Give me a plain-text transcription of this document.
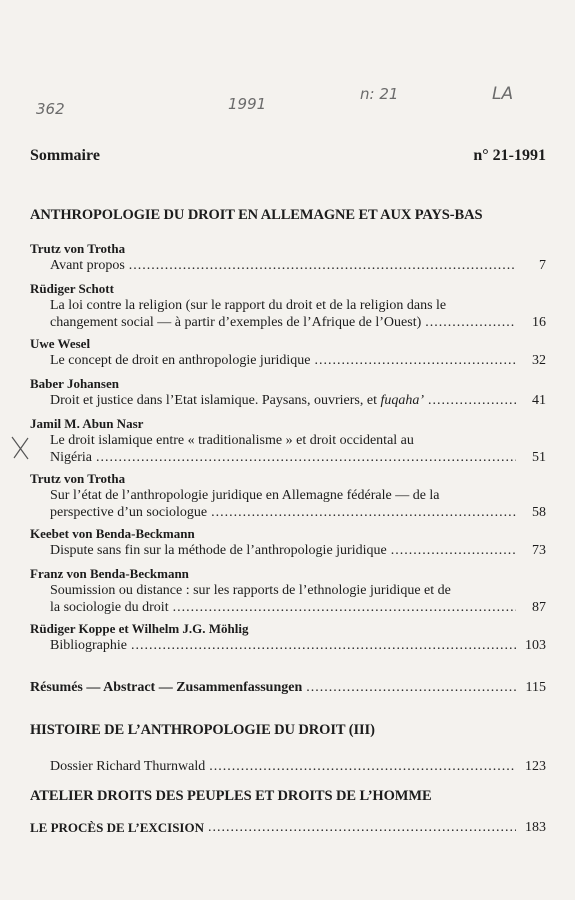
362	1991
n: 21	LA
Sommaire	n° 21-1991
ANTHROPOLOGIE DU DROIT EN ALLEMAGNE ET AUX PAYS-BAS
Trutz von Trotha
Avant propos .....	7
Rüdiger Schott
La loi contre la religion (sur le rapport du droit et de la religion dans le
changement social — à partir d’exemples de l’Afrique de l’Ouest) .....	16
Uwe Wesel
Le concept de droit en anthropologie juridique .....	32
Baber Johansen
Droit et justice dans l’Etat islamique. Paysans, ouvriers, et fuqaha’ .....	41
Jamil M. Abun Nasr
Le droit islamique entre « traditionalisme » et droit occidental au
Nigéria .....	51
Trutz von Trotha
Sur l’état de l’anthropologie juridique en Allemagne fédérale — de la
perspective d’un sociologue .....	58
Keebet von Benda-Beckmann
Dispute sans fin sur la méthode de l’anthropologie juridique .....	73
Franz von Benda-Beckmann
Soumission ou distance : sur les rapports de l’ethnologie juridique et de
la sociologie du droit .....	87
Rüdiger Koppe et Wilhelm J.G. Möhlig
Bibliographie .....	103
Résumés — Abstract — Zusammenfassungen .....	115
HISTOIRE DE L’ANTHROPOLOGIE DU DROIT (III)
Dossier Richard Thurnwald .....	123
ATELIER DROITS DES PEUPLES ET DROITS DE L’HOMME
LE PROCÈS DE L’EXCISION .....	183
